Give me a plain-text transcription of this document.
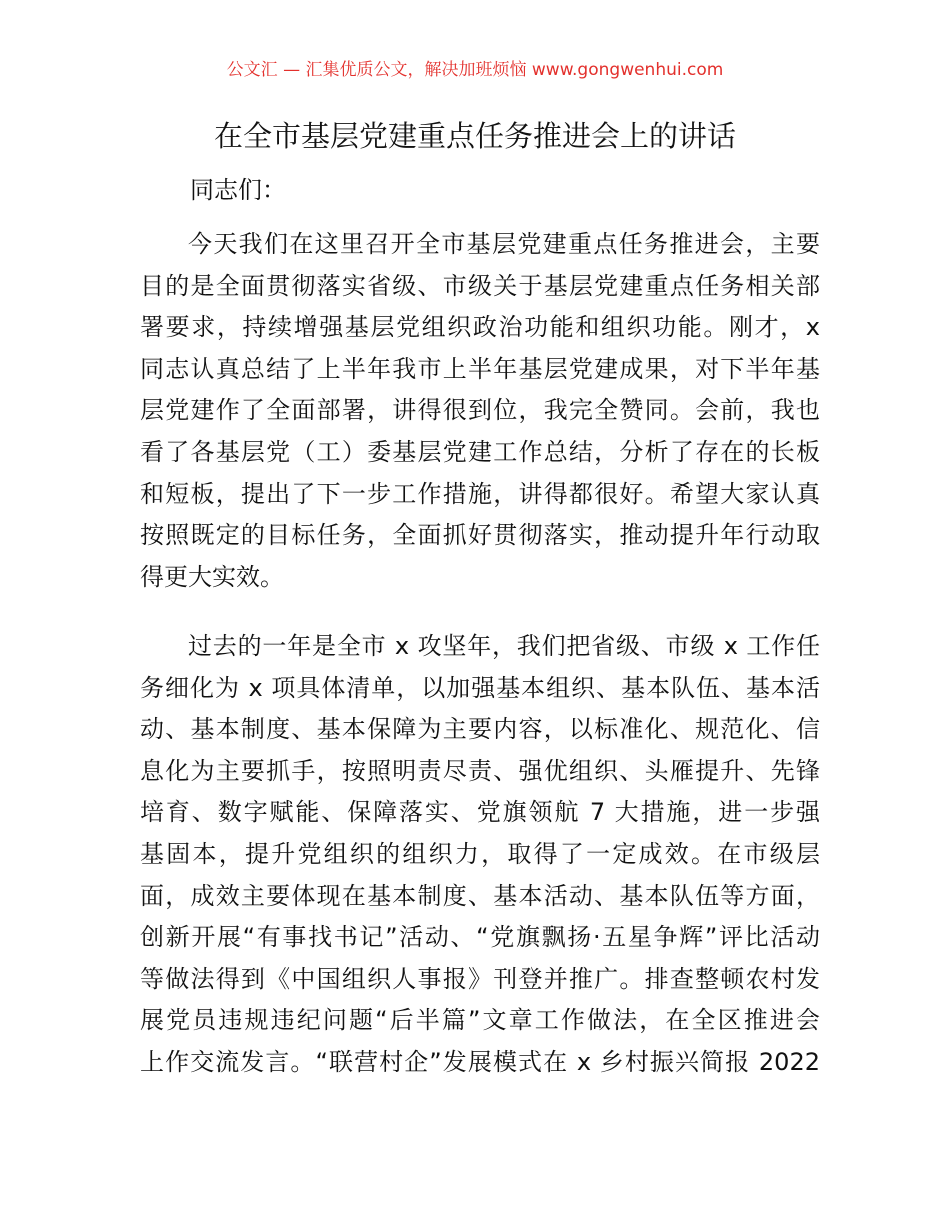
公文汇 — 汇集优质公文，解决加班烦恼 www.gongwenhui.com
在全市基层党建重点任务推进会上的讲话
同志们：
今天我们在这里召开全市基层党建重点任务推进会，主要
目的是全面贯彻落实省级、市级关于基层党建重点任务相关部
署要求，持续增强基层党组织政治功能和组织功能。刚才，x
同志认真总结了上半年我市上半年基层党建成果，对下半年基
层党建作了全面部署，讲得很到位，我完全赞同。会前，我也
看了各基层党（工）委基层党建工作总结，分析了存在的长板
和短板，提出了下一步工作措施，讲得都很好。希望大家认真
按照既定的目标任务，全面抓好贯彻落实，推动提升年行动取
得更大实效。
过去的一年是全市 x 攻坚年，我们把省级、市级 x 工作任
务细化为 x 项具体清单，以加强基本组织、基本队伍、基本活
动、基本制度、基本保障为主要内容，以标准化、规范化、信
息化为主要抓手，按照明责尽责、强优组织、头雁提升、先锋
培育、数字赋能、保障落实、党旗领航 7 大措施，进一步强
基固本，提升党组织的组织力，取得了一定成效。在市级层
面，成效主要体现在基本制度、基本活动、基本队伍等方面，
创新开展“有事找书记”活动、“党旗飘扬·五星争辉”评比活动
等做法得到《中国组织人事报》刊登并推广。排查整顿农村发
展党员违规违纪问题“后半篇”文章工作做法，在全区推进会
上作交流发言。“联营村企”发展模式在 x 乡村振兴简报 2022
